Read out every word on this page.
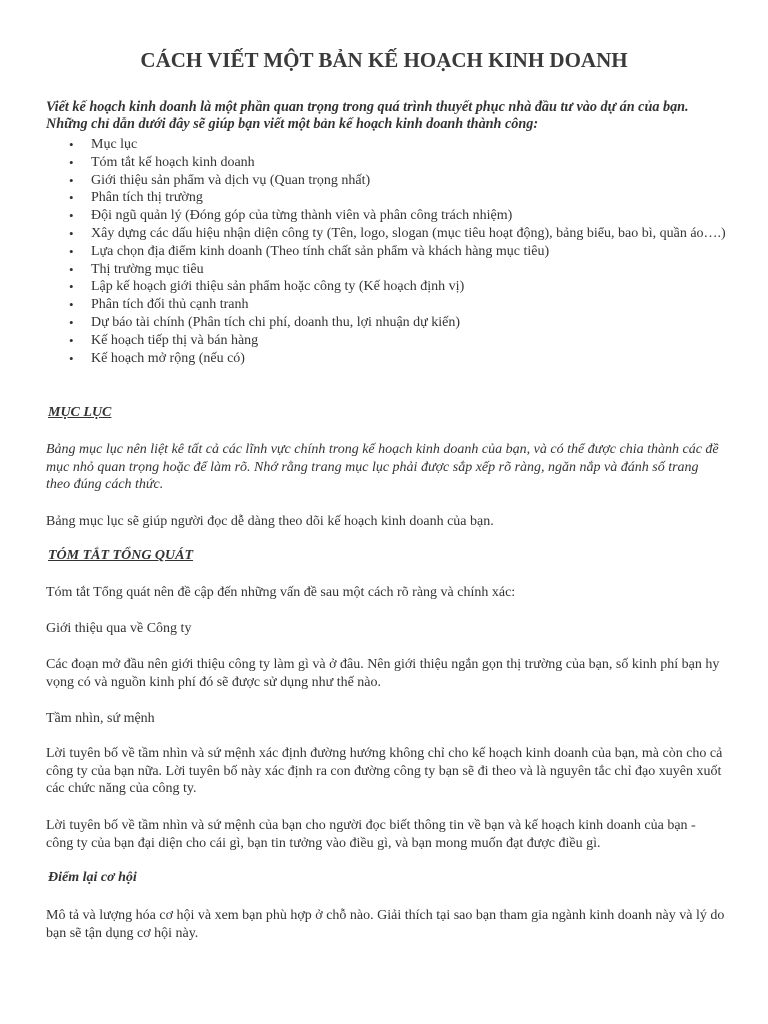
CÁCH VIẾT MỘT BẢN KẾ HOẠCH KINH DOANH

Viết kế hoạch kinh doanh là một phần quan trọng trong quá trình thuyết phục nhà đầu tư vào dự án của bạn. Những chỉ dẫn dưới đây sẽ giúp bạn viết một bản kế hoạch kinh doanh thành công:

• Mục lục
• Tóm tắt kế hoạch kinh doanh
• Giới thiệu sản phẩm và dịch vụ (Quan trọng nhất)
• Phân tích thị trường
• Đội ngũ quản lý (Đóng góp của từng thành viên và phân công trách nhiệm)
• Xây dựng các dấu hiệu nhận diện công ty (Tên, logo, slogan (mục tiêu hoạt động), bảng biểu, bao bì, quần áo….)
• Lựa chọn địa điểm kinh doanh (Theo tính chất sản phẩm và khách hàng mục tiêu)
• Thị trường mục tiêu
• Lập kế hoạch giới thiệu sản phẩm hoặc công ty (Kế hoạch định vị)
• Phân tích đối thủ cạnh tranh
• Dự báo tài chính (Phân tích chi phí, doanh thu, lợi nhuận dự kiến)
• Kế hoạch tiếp thị và bán hàng
• Kế hoạch mở rộng (nếu có)
MỤC LỤC

Bảng mục lục nên liệt kê tất cả các lĩnh vực chính trong kế hoạch kinh doanh của bạn, và có thể được chia thành các đề mục nhỏ quan trọng hoặc để làm rõ. Nhớ rằng trang mục lục phải được sắp xếp rõ ràng, ngăn nắp và đánh số trang theo đúng cách thức.

Bảng mục lục sẽ giúp người đọc dễ dàng theo dõi kế hoạch kinh doanh của bạn.

TÓM TẮT TỔNG QUÁT

Tóm tắt Tổng quát nên đề cập đến những vấn đề sau một cách rõ ràng và chính xác:

Giới thiệu qua về Công ty

Các đoạn mở đầu nên giới thiệu công ty làm gì và ở đâu. Nên giới thiệu ngắn gọn thị trường của bạn, số kinh phí bạn hy vọng có và nguồn kinh phí đó sẽ được sử dụng như thế nào.

Tầm nhìn, sứ mệnh

Lời tuyên bố về tầm nhìn và sứ mệnh xác định đường hướng không chỉ cho kế hoạch kinh doanh của bạn, mà còn cho cả công ty của bạn nữa. Lời tuyên bố này xác định ra con đường công ty bạn sẽ đi theo và là nguyên tắc chỉ đạo xuyên xuốt các chức năng của công ty.

Lời tuyên bố về tầm nhìn và sứ mệnh của bạn cho người đọc biết thông tin về bạn và kế hoạch kinh doanh của bạn - công ty của bạn đại diện cho cái gì, bạn tin tưởng vào điều gì, và bạn mong muốn đạt được điều gì.

Điểm lại cơ hội

Mô tả và lượng hóa cơ hội và xem bạn phù hợp ở chỗ nào. Giải thích tại sao bạn tham gia ngành kinh doanh này và lý do bạn sẽ tận dụng cơ hội này.
